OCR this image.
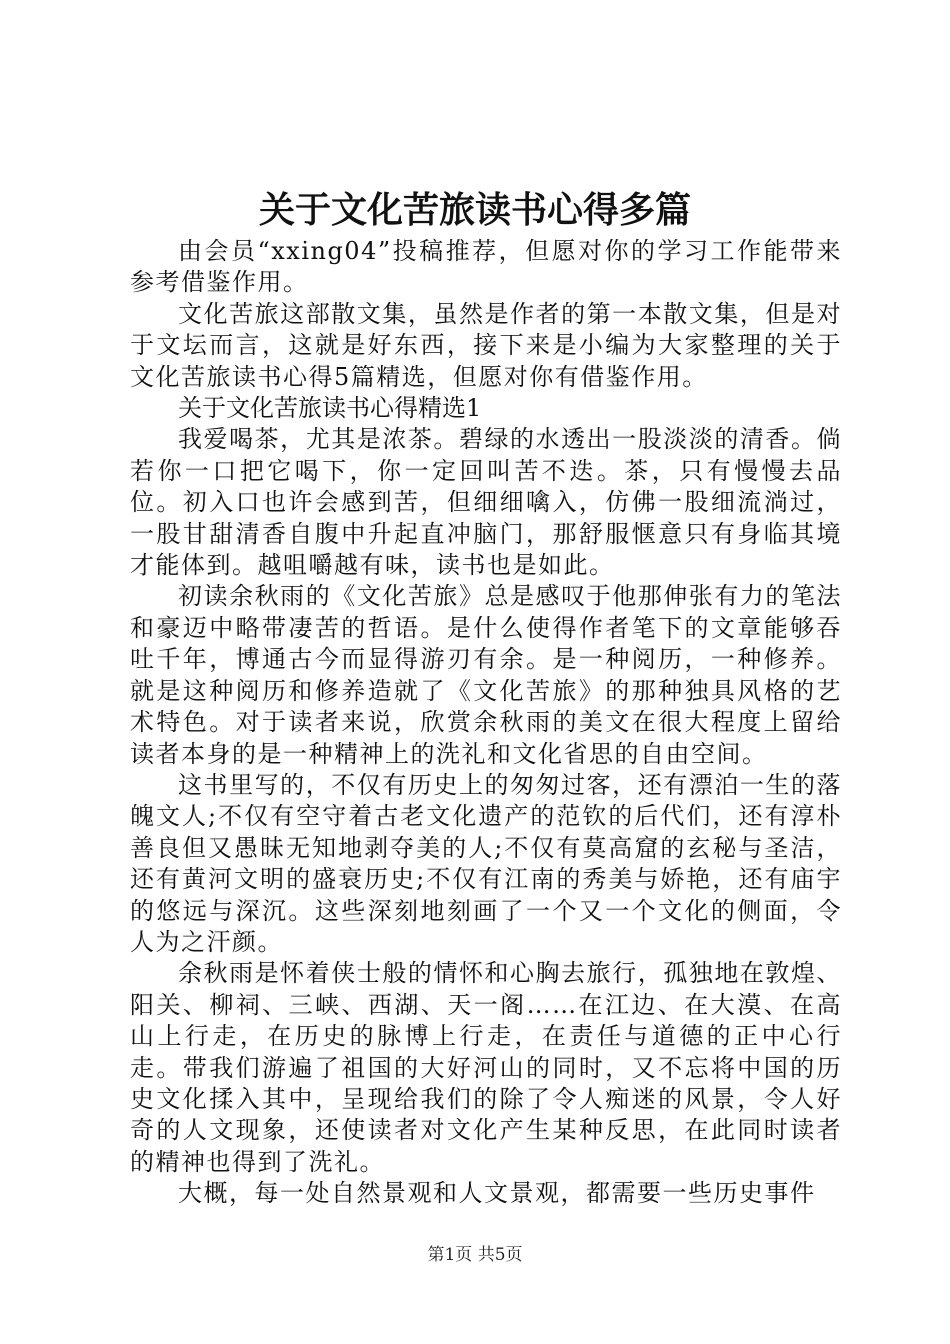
关于文化苦旅读书心得多篇

由会员“xxing04”投稿推荐，但愿对你的学习工作能带来参考借鉴作用。

文化苦旅这部散文集，虽然是作者的第一本散文集，但是对于文坛而言，这就是好东西，接下来是小编为大家整理的关于文化苦旅读书心得5篇精选，但愿对你有借鉴作用。

关于文化苦旅读书心得精选1

我爱喝茶，尤其是浓茶。碧绿的水透出一股淡淡的清香。倘若你一口把它喝下，你一定回叫苦不迭。茶，只有慢慢去品位。初入口也许会感到苦，但细细噙入，仿佛一股细流淌过，一股甘甜清香自腹中升起直冲脑门，那舒服惬意只有身临其境才能体到。越咀嚼越有味，读书也是如此。

初读余秋雨的《文化苦旅》总是感叹于他那伸张有力的笔法和豪迈中略带凄苦的哲语。是什么使得作者笔下的文章能够吞吐千年，博通古今而显得游刃有余。是一种阅历，一种修养。就是这种阅历和修养造就了《文化苦旅》的那种独具风格的艺术特色。对于读者来说，欣赏余秋雨的美文在很大程度上留给读者本身的是一种精神上的洗礼和文化省思的自由空间。

这书里写的，不仅有历史上的匆匆过客，还有漂泊一生的落魄文人;不仅有空守着古老文化遗产的范钦的后代们，还有淳朴善良但又愚昧无知地剥夺美的人;不仅有莫高窟的玄秘与圣洁，还有黄河文明的盛衰历史;不仅有江南的秀美与娇艳，还有庙宇的悠远与深沉。这些深刻地刻画了一个又一个文化的侧面，令人为之汗颜。

余秋雨是怀着侠士般的情怀和心胸去旅行，孤独地在敦煌、阳关、柳祠、三峡、西湖、天一阁……在江边、在大漠、在高山上行走，在历史的脉博上行走，在责任与道德的正中心行走。带我们游遍了祖国的大好河山的同时，又不忘将中国的历史文化揉入其中，呈现给我们的除了令人痴迷的风景，令人好奇的人文现象，还使读者对文化产生某种反思，在此同时读者的精神也得到了洗礼。

大概，每一处自然景观和人文景观，都需要一些历史事件

第1页 共5页
